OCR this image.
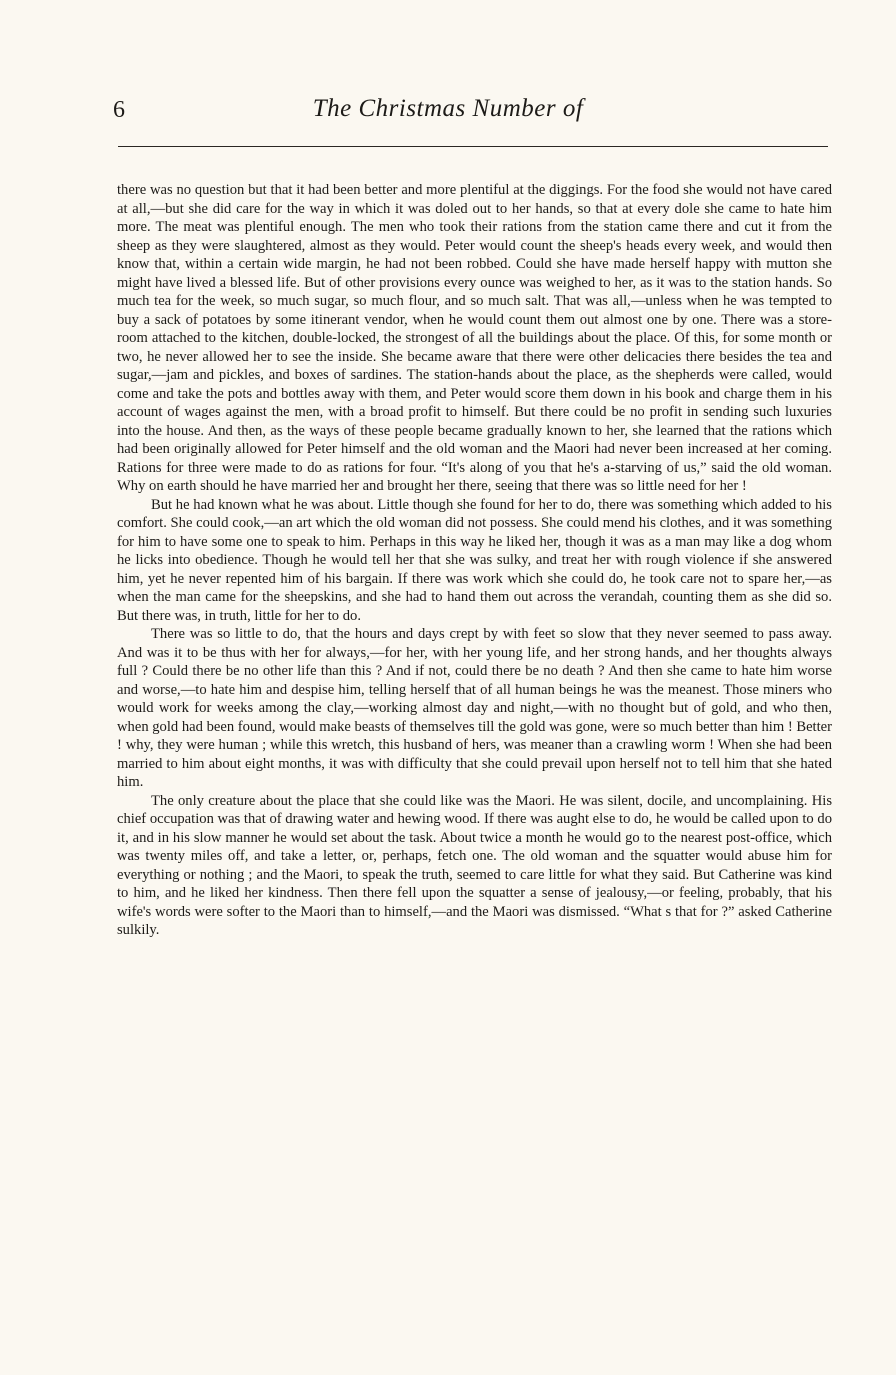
6	The Christmas Number of

there was no question but that it had been better and more plentiful at the diggings. For the food she would not have cared at all,—but she did care for the way in which it was doled out to her hands, so that at every dole she came to hate him more. The meat was plentiful enough. The men who took their rations from the station came there and cut it from the sheep as they were slaughtered, almost as they would. Peter would count the sheep's heads every week, and would then know that, within a certain wide margin, he had not been robbed. Could she have made herself happy with mutton she might have lived a blessed life. But of other provisions every ounce was weighed to her, as it was to the station hands. So much tea for the week, so much sugar, so much flour, and so much salt. That was all,—unless when he was tempted to buy a sack of potatoes by some itinerant vendor, when he would count them out almost one by one. There was a store-room attached to the kitchen, double-locked, the strongest of all the buildings about the place. Of this, for some month or two, he never allowed her to see the inside. She became aware that there were other delicacies there besides the tea and sugar,—jam and pickles, and boxes of sardines. The station-hands about the place, as the shepherds were called, would come and take the pots and bottles away with them, and Peter would score them down in his book and charge them in his account of wages against the men, with a broad profit to himself. But there could be no profit in sending such luxuries into the house. And then, as the ways of these people became gradually known to her, she learned that the rations which had been originally allowed for Peter himself and the old woman and the Maori had never been increased at her coming. Rations for three were made to do as rations for four. “It's along of you that he's a-starving of us,” said the old woman. Why on earth should he have married her and brought her there, seeing that there was so little need for her !

But he had known what he was about. Little though she found for her to do, there was something which added to his comfort. She could cook,—an art which the old woman did not possess. She could mend his clothes, and it was something for him to have some one to speak to him. Perhaps in this way he liked her, though it was as a man may like a dog whom he licks into obedience. Though he would tell her that she was sulky, and treat her with rough violence if she answered him, yet he never repented him of his bargain. If there was work which she could do, he took care not to spare her,—as when the man came for the sheepskins, and she had to hand them out across the verandah, counting them as she did so. But there was, in truth, little for her to do.

There was so little to do, that the hours and days crept by with feet so slow that they never seemed to pass away. And was it to be thus with her for always,—for her, with her young life, and her strong hands, and her thoughts always full ? Could there be no other life than this ? And if not, could there be no death ? And then she came to hate him worse and worse,—to hate him and despise him, telling herself that of all human beings he was the meanest. Those miners who would work for weeks among the clay,—working almost day and night,—with no thought but of gold, and who then, when gold had been found, would make beasts of themselves till the gold was gone, were so much better than him ! Better ! why, they were human ; while this wretch, this husband of hers, was meaner than a crawling worm ! When she had been married to him about eight months, it was with difficulty that she could prevail upon herself not to tell him that she hated him.

The only creature about the place that she could like was the Maori. He was silent, docile, and uncomplaining. His chief occupation was that of drawing water and hewing wood. If there was aught else to do, he would be called upon to do it, and in his slow manner he would set about the task. About twice a month he would go to the nearest post-office, which was twenty miles off, and take a letter, or, perhaps, fetch one. The old woman and the squatter would abuse him for everything or nothing ; and the Maori, to speak the truth, seemed to care little for what they said. But Catherine was kind to him, and he liked her kindness. Then there fell upon the squatter a sense of jealousy,—or feeling, probably, that his wife's words were softer to the Maori than to himself,—and the Maori was dismissed. “What s that for ?” asked Catherine sulkily.
